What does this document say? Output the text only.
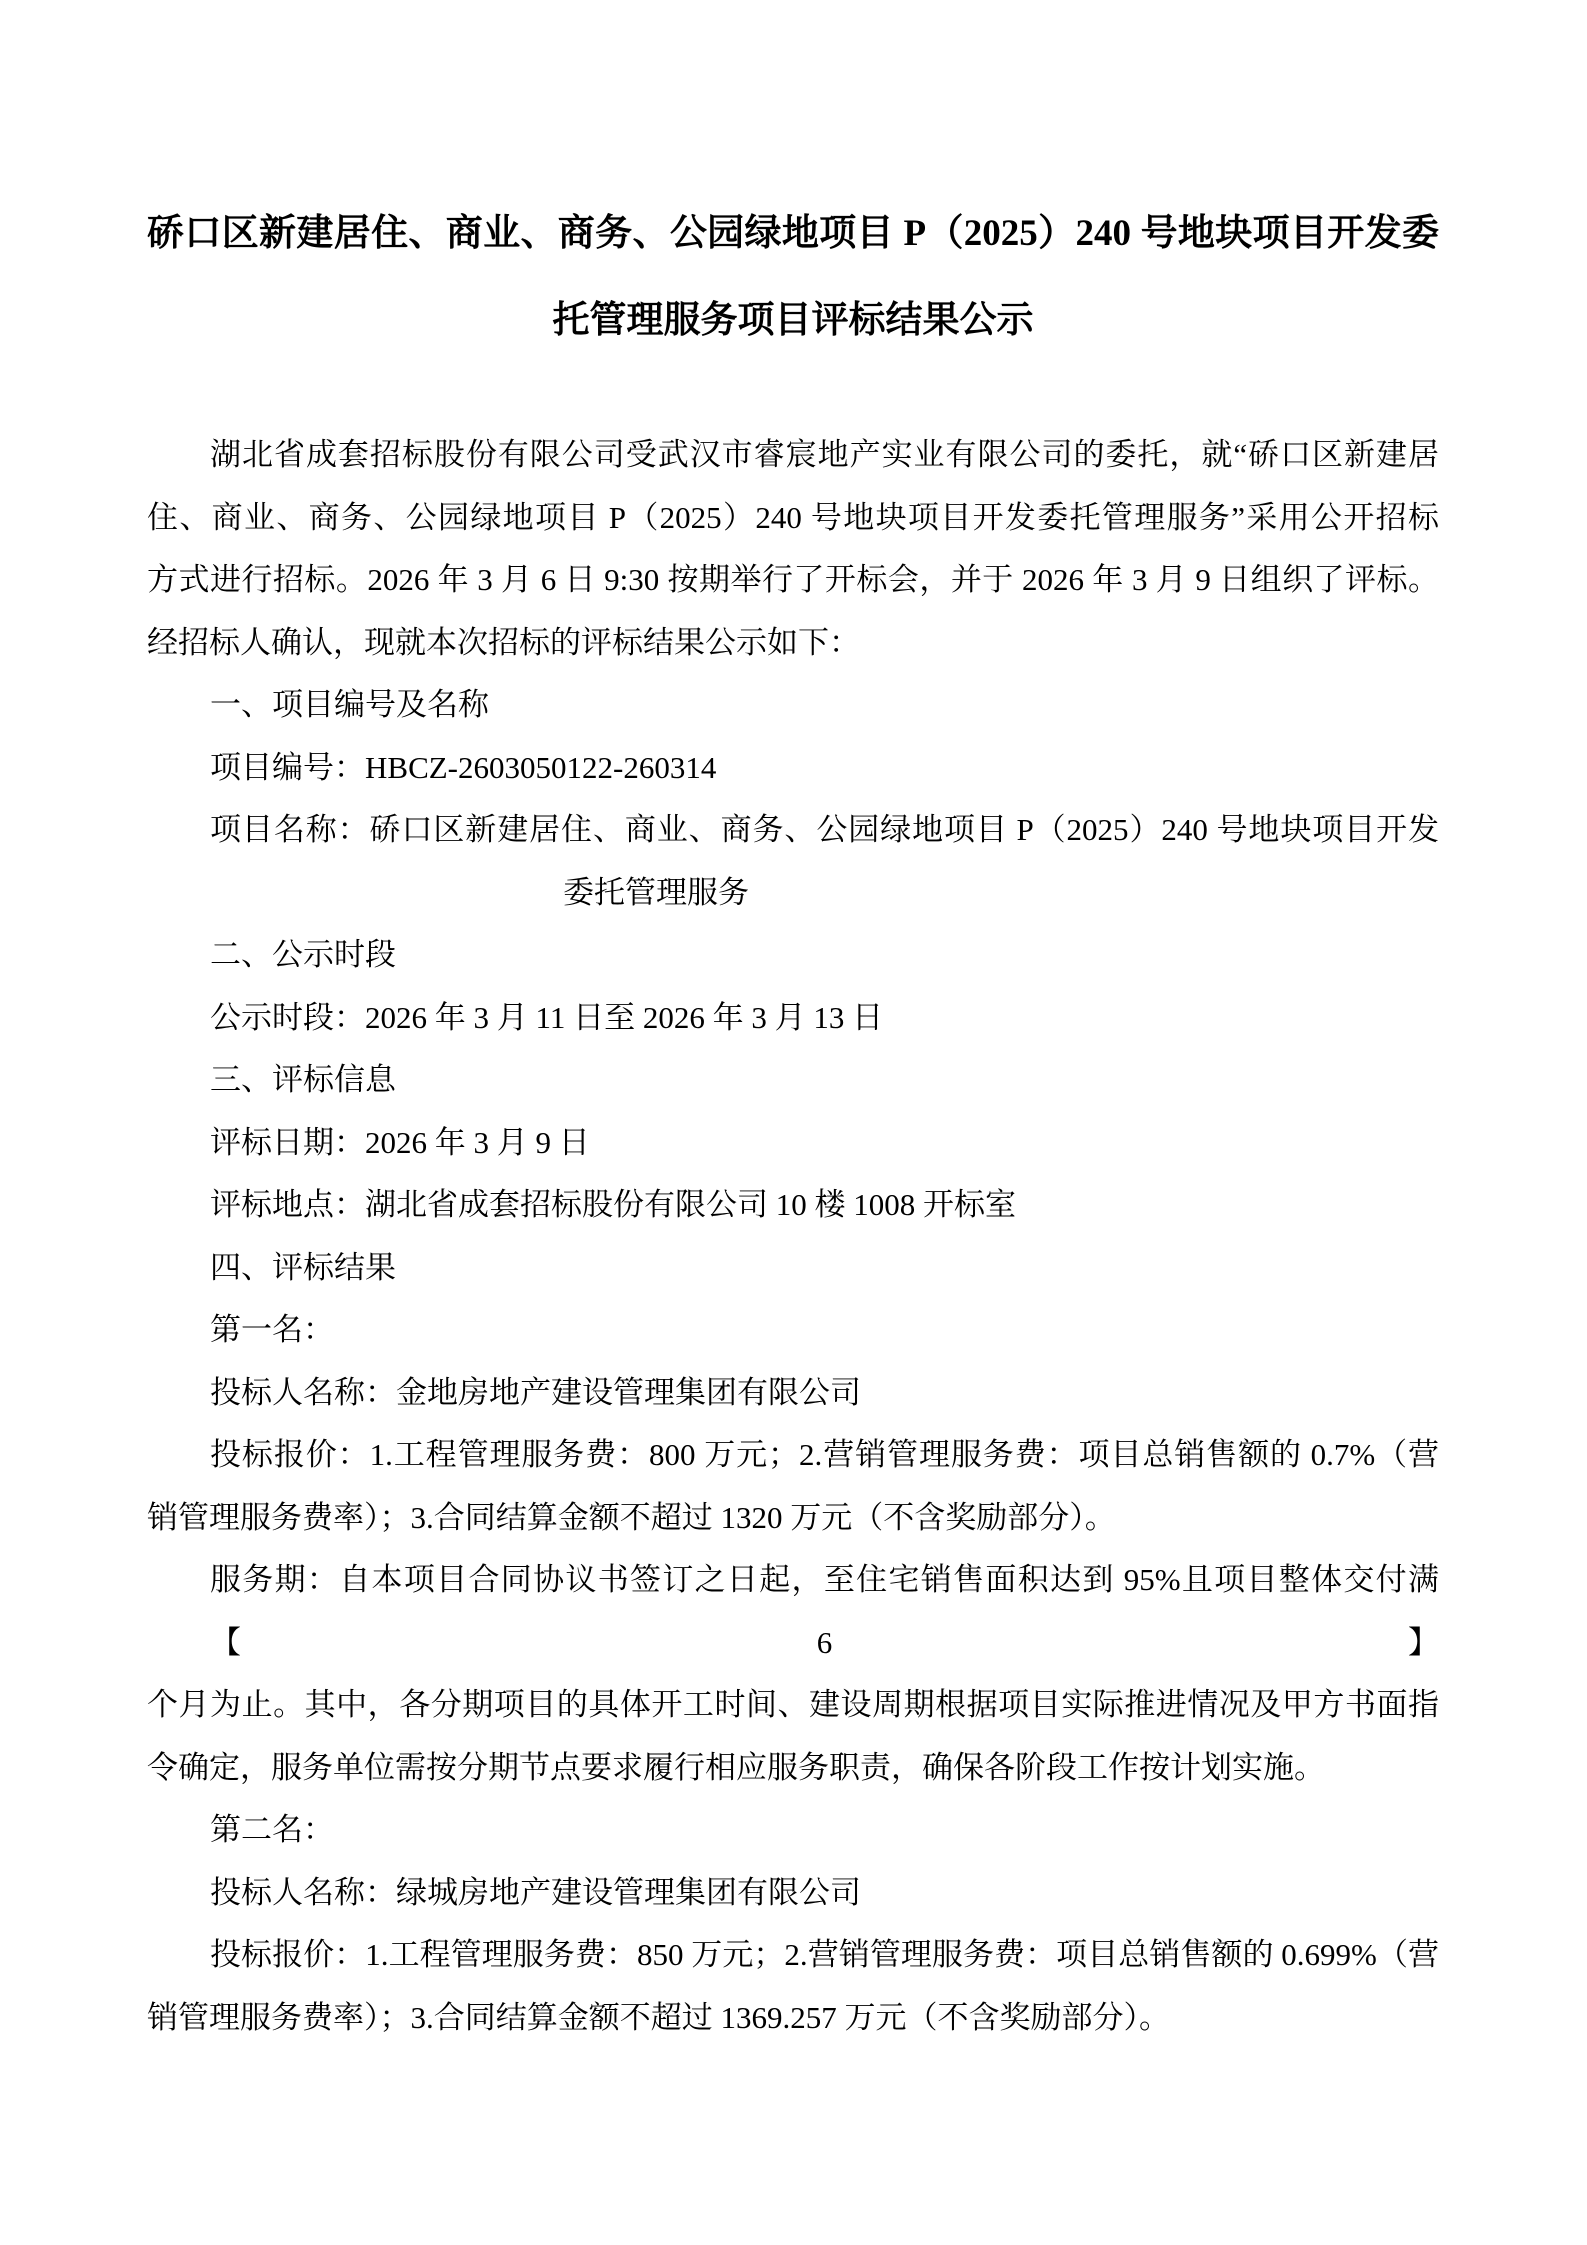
硚口区新建居住、商业、商务、公园绿地项目 P（2025）240 号地块项目开发委
托管理服务项目评标结果公示
湖北省成套招标股份有限公司受武汉市睿宸地产实业有限公司的委托，就“硚口区新建居
住、商业、商务、公园绿地项目 P（2025）240 号地块项目开发委托管理服务”采用公开招标
方式进行招标。2026 年 3 月 6 日 9:30 按期举行了开标会，并于 2026 年 3 月 9 日组织了评标。
经招标人确认，现就本次招标的评标结果公示如下：
一、项目编号及名称
项目编号：HBCZ-2603050122-260314
项目名称：硚口区新建居住、商业、商务、公园绿地项目 P（2025）240 号地块项目开发
委托管理服务
二、公示时段
公示时段：2026 年 3 月 11 日至 2026 年 3 月 13 日
三、评标信息
评标日期：2026 年 3 月 9 日
评标地点：湖北省成套招标股份有限公司 10 楼 1008 开标室
四、评标结果
第一名：
投标人名称：金地房地产建设管理集团有限公司
投标报价：1.工程管理服务费：800 万元；2.营销管理服务费：项目总销售额的 0.7%（营
销管理服务费率）；3.合同结算金额不超过 1320 万元（不含奖励部分）。
服务期：自本项目合同协议书签订之日起，至住宅销售面积达到 95%且项目整体交付满【6】
个月为止。其中，各分期项目的具体开工时间、建设周期根据项目实际推进情况及甲方书面指
令确定，服务单位需按分期节点要求履行相应服务职责，确保各阶段工作按计划实施。
第二名：
投标人名称：绿城房地产建设管理集团有限公司
投标报价：1.工程管理服务费：850 万元；2.营销管理服务费：项目总销售额的 0.699%（营
销管理服务费率）；3.合同结算金额不超过 1369.257 万元（不含奖励部分）。
